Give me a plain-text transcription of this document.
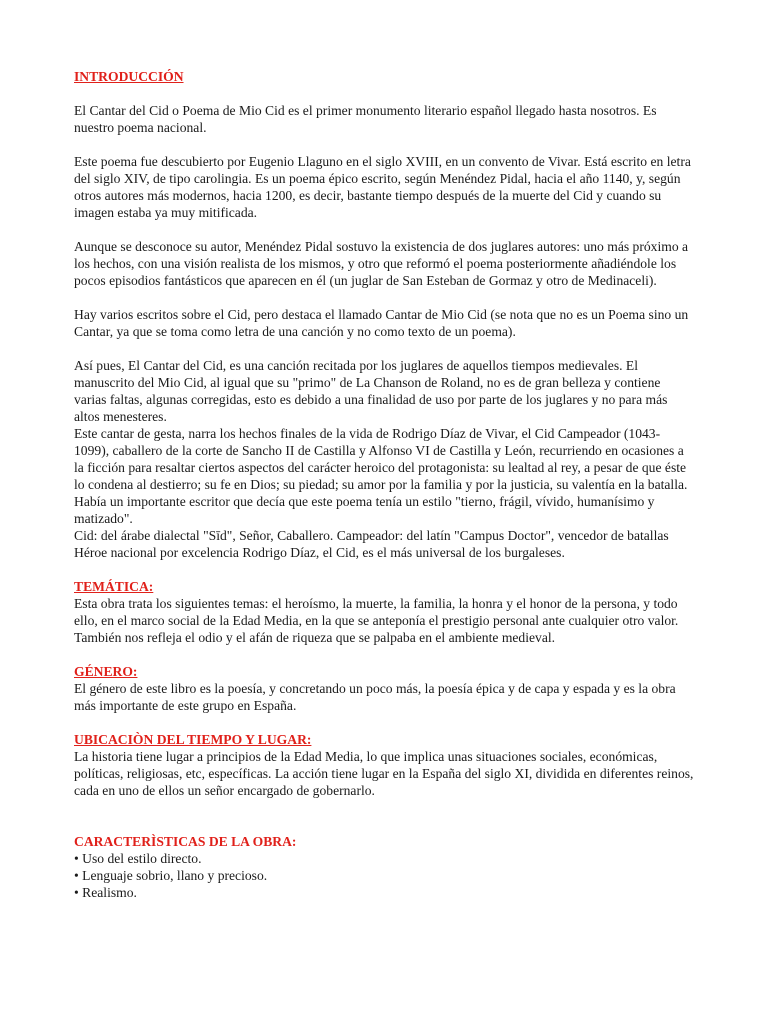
INTRODUCCIÓN

El Cantar del Cid o Poema de Mio Cid es el primer monumento literario español llegado hasta nosotros. Es nuestro poema nacional.

Este poema fue descubierto por Eugenio Llaguno en el siglo XVIII, en un convento de Vivar. Está escrito en letra del siglo XIV, de tipo carolingia. Es un poema épico escrito, según Menéndez Pidal, hacia el año 1140, y, según otros autores más modernos, hacia 1200, es decir, bastante tiempo después de la muerte del Cid y cuando su imagen estaba ya muy mitificada.

Aunque se desconoce su autor, Menéndez Pidal sostuvo la existencia de dos juglares autores: uno más próximo a los hechos, con una visión realista de los mismos, y otro que reformó el poema posteriormente añadiéndole los pocos episodios fantásticos que aparecen en él (un juglar de San Esteban de Gormaz y otro de Medinaceli).

Hay varios escritos sobre el Cid, pero destaca el llamado Cantar de Mio Cid (se nota que no es un Poema sino un Cantar, ya que se toma como letra de una canción y no como texto de un poema).

Así pues, El Cantar del Cid, es una canción recitada por los juglares de aquellos tiempos medievales. El manuscrito del Mio Cid, al igual que su "primo" de La Chanson de Roland, no es de gran belleza y contiene varias faltas, algunas corregidas, esto es debido a una finalidad de uso por parte de los juglares y no para más altos menesteres.

Este cantar de gesta, narra los hechos finales de la vida de Rodrigo Díaz de Vivar, el Cid Campeador (1043-1099), caballero de la corte de Sancho II de Castilla y Alfonso VI de Castilla y León, recurriendo en ocasiones a la ficción para resaltar ciertos aspectos del carácter heroico del protagonista: su lealtad al rey, a pesar de que éste lo condena al destierro; su fe en Dios; su piedad; su amor por la familia y por la justicia, su valentía en la batalla. Había un importante escritor que decía que este poema tenía un estilo "tierno, frágil, vívido, humanísimo y matizado".

Cid: del árabe dialectal "Sīd", Señor, Caballero. Campeador: del latín "Campus Doctor", vencedor de batallas

Héroe nacional por excelencia Rodrigo Díaz, el Cid, es el más universal de los burgaleses.

TEMÁTICA:

Esta obra trata los siguientes temas: el heroísmo, la muerte, la familia, la honra y el honor de la persona, y todo ello, en el marco social de la Edad Media, en la que se anteponía el prestigio personal ante cualquier otro valor. También nos refleja el odio y el afán de riqueza que se palpaba en el ambiente medieval.

GÉNERO:

El género de este libro es la poesía, y concretando un poco más, la poesía épica y de capa y espada y es la obra más importante de este grupo en España.

UBICACIÒN DEL TIEMPO Y LUGAR:

La historia tiene lugar a principios de la Edad Media, lo que implica unas situaciones sociales, económicas, políticas, religiosas, etc, específicas. La acción tiene lugar en la España del siglo XI, dividida en diferentes reinos, cada en uno de ellos un señor encargado de gobernarlo.

CARACTERÌSTICAS DE LA OBRA:

• Uso del estilo directo.
• Lenguaje sobrio, llano y precioso.
• Realismo.
